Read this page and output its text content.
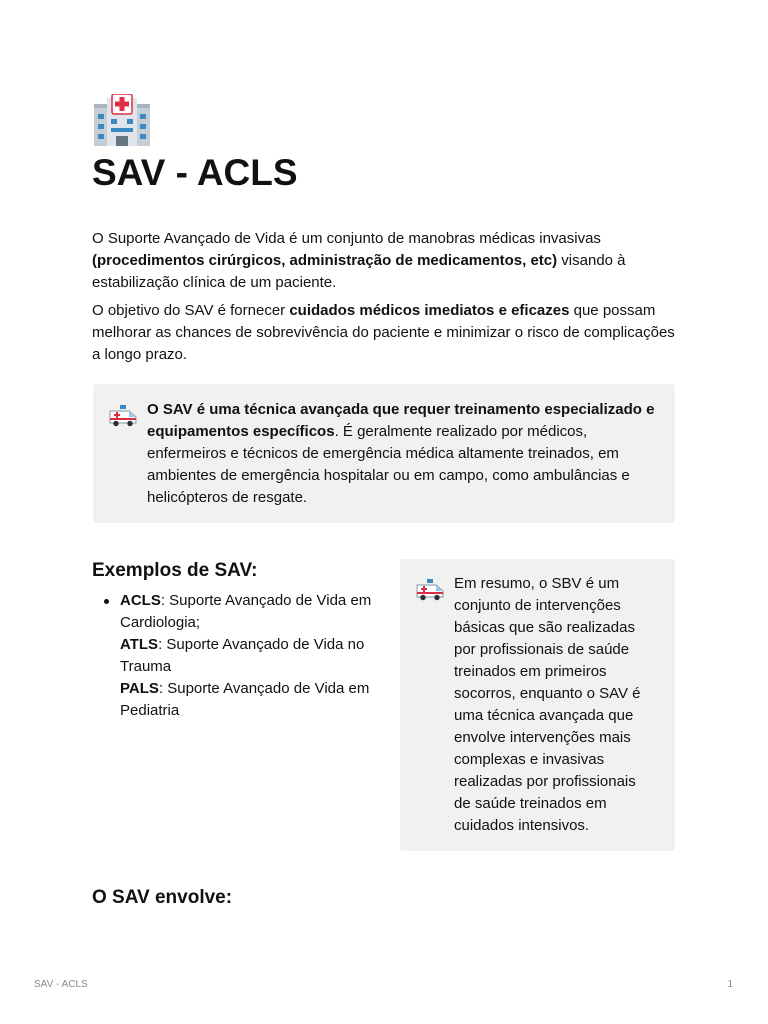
SAV - ACLS

O Suporte Avançado de Vida é um conjunto de manobras médicas invasivas (procedimentos cirúrgicos, administração de medicamentos, etc) visando à estabilização clínica de um paciente.

O objetivo do SAV é fornecer cuidados médicos imediatos e eficazes que possam melhorar as chances de sobrevivência do paciente e minimizar o risco de complicações a longo prazo.

O SAV é uma técnica avançada que requer treinamento especializado e equipamentos específicos. É geralmente realizado por médicos, enfermeiros e técnicos de emergência médica altamente treinados, em ambientes de emergência hospitalar ou em campo, como ambulâncias e helicópteros de resgate.
Exemplos de SAV:
ACLS: Suporte Avançado de Vida em Cardiologia;
ATLS: Suporte Avançado de Vida no Trauma
PALS: Suporte Avançado de Vida em Pediatria
Em resumo, o SBV é um conjunto de intervenções básicas que são realizadas por profissionais de saúde treinados em primeiros socorros, enquanto o SAV é uma técnica avançada que envolve intervenções mais complexas e invasivas realizadas por profissionais de saúde treinados em cuidados intensivos.
O SAV envolve:
SAV - ACLS	1
